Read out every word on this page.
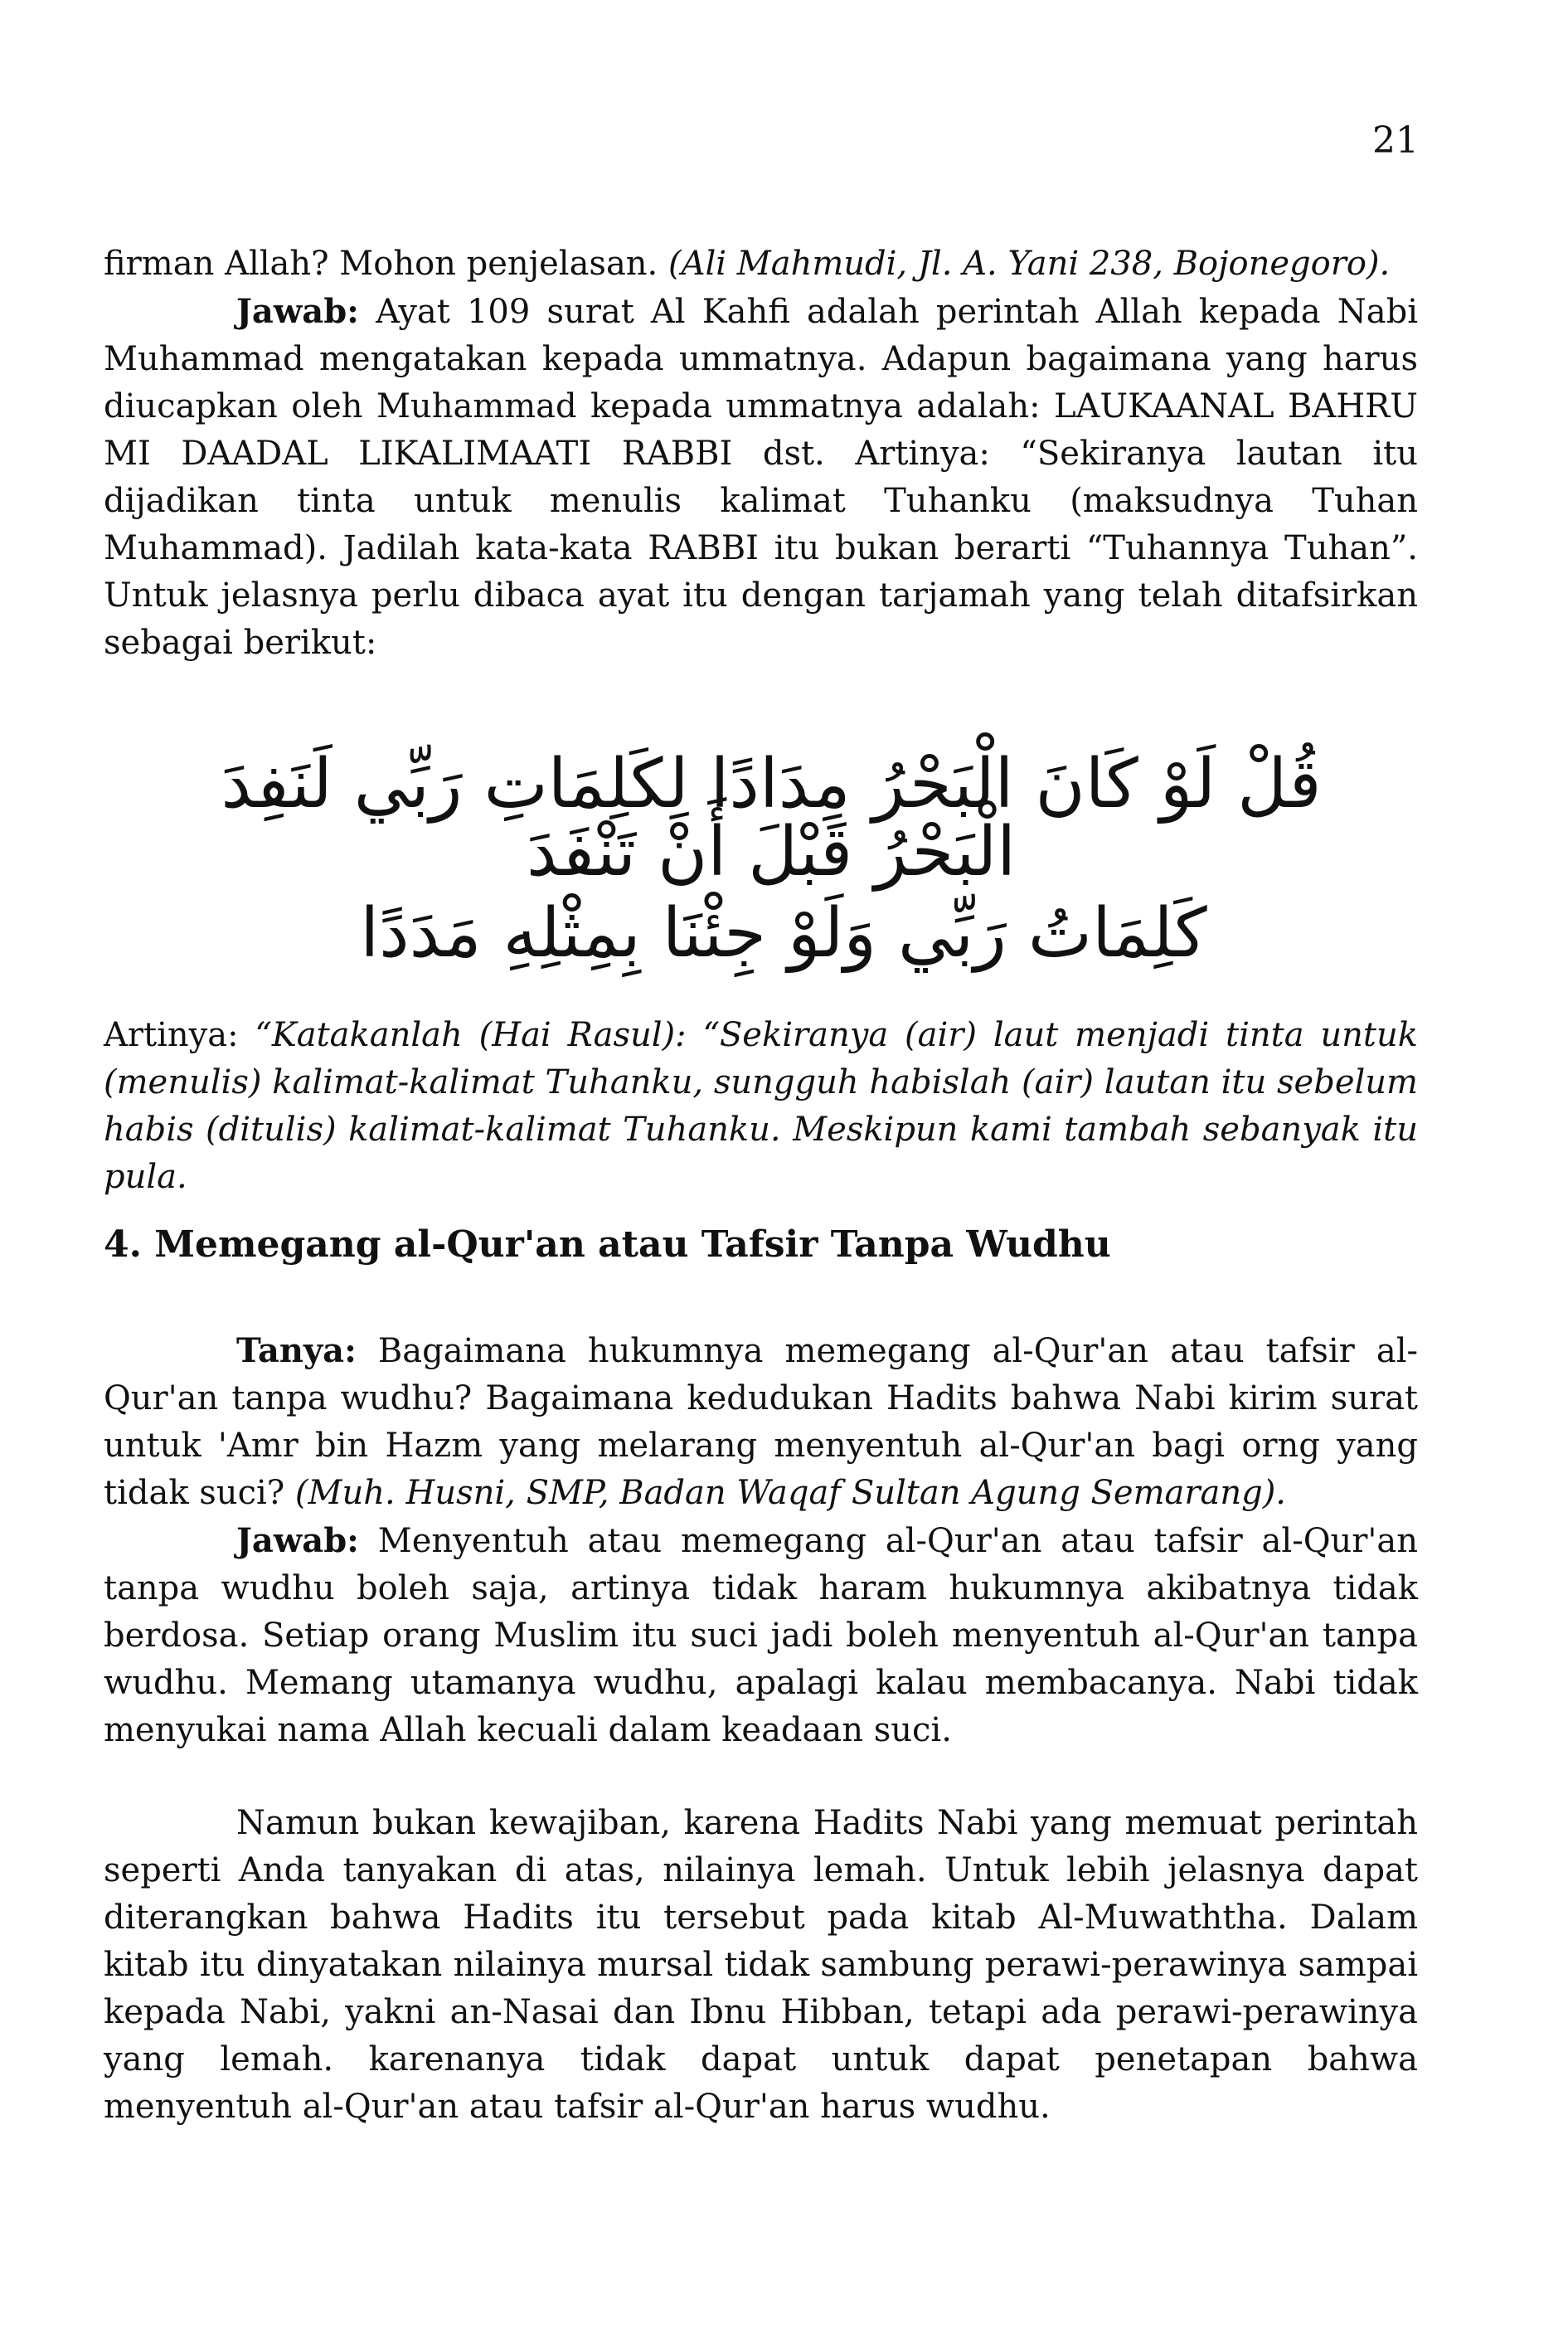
21

firman Allah? Mohon penjelasan. (Ali Mahmudi, Jl. A. Yani 238, Bojonegoro).

Jawab: Ayat 109 surat Al Kahfi adalah perintah Allah kepada Nabi Muhammad mengatakan kepada ummatnya. Adapun bagaimana yang harus diucapkan oleh Muhammad kepada ummatnya adalah: LAUKAANAL BAHRU MI DAADAL LIKALIMAATI RABBI dst. Artinya: “Sekiranya lautan itu dijadikan tinta untuk menulis kalimat Tuhanku (maksudnya Tuhan Muhammad). Jadilah kata-kata RABBI itu bukan berarti “Tuhannya Tuhan”. Untuk jelasnya perlu dibaca ayat itu dengan tarjamah yang telah ditafsirkan sebagai berikut:

قُلْ لَوْ كَانَ الْبَحْرُ مِدَادًا لِكَلِمَاتِ رَبِّي لَنَفِدَ الْبَحْرُ قَبْلَ أَنْ تَنْفَدَ
كَلِمَاتُ رَبِّي وَلَوْ جِئْنَا بِمِثْلِهِ مَدَدًا

Artinya: “Katakanlah (Hai Rasul): “Sekiranya (air) laut menjadi tinta untuk (menulis) kalimat-kalimat Tuhanku, sungguh habislah (air) lautan itu sebelum habis (ditulis) kalimat-kalimat Tuhanku. Meskipun kami tambah sebanyak itu pula.

4. Memegang al-Qur'an atau Tafsir Tanpa Wudhu

Tanya: Bagaimana hukumnya memegang al-Qur'an atau tafsir al-Qur'an tanpa wudhu? Bagaimana kedudukan Hadits bahwa Nabi kirim surat untuk 'Amr bin Hazm yang melarang menyentuh al-Qur'an bagi orng yang tidak suci? (Muh. Husni, SMP, Badan Waqaf Sultan Agung Semarang).

Jawab: Menyentuh atau memegang al-Qur'an atau tafsir al-Qur'an tanpa wudhu boleh saja, artinya tidak haram hukumnya akibatnya tidak berdosa. Setiap orang Muslim itu suci jadi boleh menyentuh al-Qur'an tanpa wudhu. Memang utamanya wudhu, apalagi kalau membacanya. Nabi tidak menyukai nama Allah kecuali dalam keadaan suci.

Namun bukan kewajiban, karena Hadits Nabi yang memuat perintah seperti Anda tanyakan di atas, nilainya lemah. Untuk lebih jelasnya dapat diterangkan bahwa Hadits itu tersebut pada kitab Al-Muwaththa. Dalam kitab itu dinyatakan nilainya mursal tidak sambung perawi-perawinya sampai kepada Nabi, yakni an-Nasai dan Ibnu Hibban, tetapi ada perawi-perawinya yang lemah. karenanya tidak dapat untuk dapat penetapan bahwa menyentuh al-Qur'an atau tafsir al-Qur'an harus wudhu.
